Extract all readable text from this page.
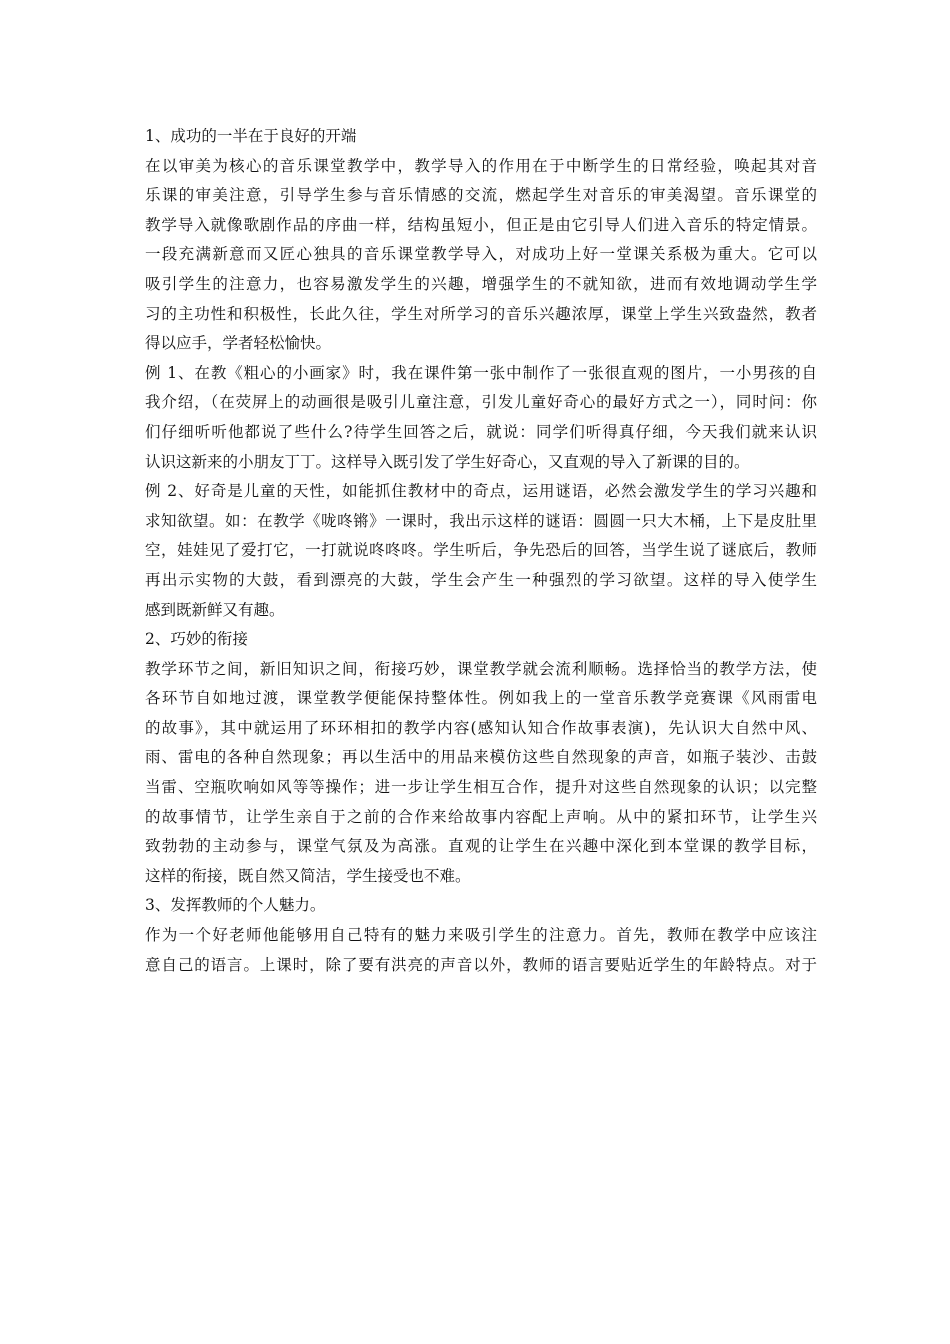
1、成功的一半在于良好的开端
在以审美为核心的音乐课堂教学中，教学导入的作用在于中断学生的日常经验，唤起其对音
乐课的审美注意，引导学生参与音乐情感的交流，燃起学生对音乐的审美渴望。音乐课堂的
教学导入就像歌剧作品的序曲一样，结构虽短小，但正是由它引导人们进入音乐的特定情景。
一段充满新意而又匠心独具的音乐课堂教学导入，对成功上好一堂课关系极为重大。它可以
吸引学生的注意力，也容易激发学生的兴趣，增强学生的不就知欲，进而有效地调动学生学
习的主功性和积极性，长此久往，学生对所学习的音乐兴趣浓厚，课堂上学生兴致盎然，教者
得以应手，学者轻松愉快。
例 1、在教《粗心的小画家》时，我在课件第一张中制作了一张很直观的图片，一小男孩的自
我介绍，（在荧屏上的动画很是吸引儿童注意，引发儿童好奇心的最好方式之一），同时问：你
们仔细听听他都说了些什么?待学生回答之后，就说：同学们听得真仔细，今天我们就来认识
认识这新来的小朋友丁丁。这样导入既引发了学生好奇心，又直观的导入了新课的目的。
例 2、好奇是儿童的天性，如能抓住教材中的奇点，运用谜语，必然会激发学生的学习兴趣和
求知欲望。如：在教学《咙咚锵》一课时，我出示这样的谜语：圆圆一只大木桶，上下是皮肚里
空，娃娃见了爱打它，一打就说咚咚咚。学生听后，争先恐后的回答，当学生说了谜底后，教师
再出示实物的大鼓，看到漂亮的大鼓，学生会产生一种强烈的学习欲望。这样的导入使学生
感到既新鲜又有趣。
2、巧妙的衔接
教学环节之间，新旧知识之间，衔接巧妙，课堂教学就会流利顺畅。选择恰当的教学方法，使
各环节自如地过渡，课堂教学便能保持整体性。例如我上的一堂音乐教学竞赛课《风雨雷电
的故事》，其中就运用了环环相扣的教学内容(感知认知合作故事表演)，先认识大自然中风、
雨、雷电的各种自然现象；再以生活中的用品来模仿这些自然现象的声音，如瓶子装沙、击鼓
当雷、空瓶吹响如风等等操作；进一步让学生相互合作，提升对这些自然现象的认识；以完整
的故事情节，让学生亲自于之前的合作来给故事内容配上声响。从中的紧扣环节，让学生兴
致勃勃的主动参与，课堂气氛及为高涨。直观的让学生在兴趣中深化到本堂课的教学目标，
这样的衔接，既自然又简洁，学生接受也不难。
3、发挥教师的个人魅力。
作为一个好老师他能够用自己特有的魅力来吸引学生的注意力。首先，教师在教学中应该注
意自己的语言。上课时，除了要有洪亮的声音以外，教师的语言要贴近学生的年龄特点。对于
